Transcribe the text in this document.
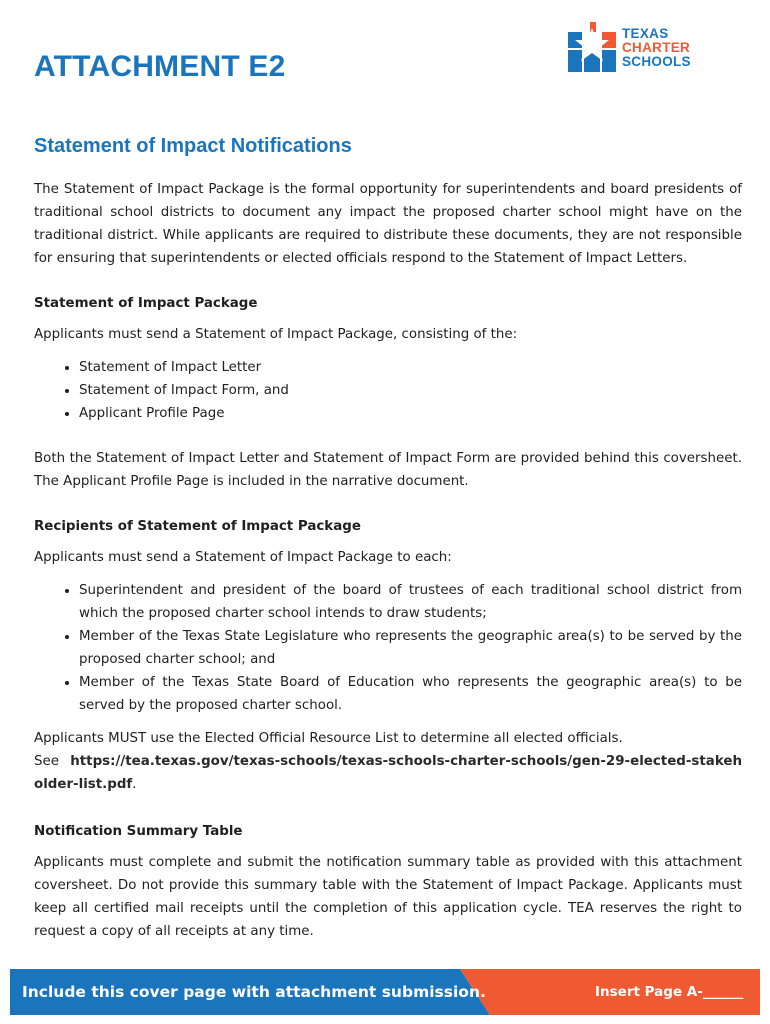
ATTACHMENT E2
TEXAS
CHARTER
SCHOOLS
Statement of Impact Notifications

The Statement of Impact Package is the formal opportunity for superintendents and board presidents of traditional school districts to document any impact the proposed charter school might have on the traditional district. While applicants are required to distribute these documents, they are not responsible for ensuring that superintendents or elected officials respond to the Statement of Impact Letters.

Statement of Impact Package

Applicants must send a Statement of Impact Package, consisting of the:

• Statement of Impact Letter
• Statement of Impact Form, and
• Applicant Profile Page

Both the Statement of Impact Letter and Statement of Impact Form are provided behind this coversheet. The Applicant Profile Page is included in the narrative document.

Recipients of Statement of Impact Package

Applicants must send a Statement of Impact Package to each:

• Superintendent and president of the board of trustees of each traditional school district from which the proposed charter school intends to draw students;
• Member of the Texas State Legislature who represents the geographic area(s) to be served by the proposed charter school; and
• Member of the Texas State Board of Education who represents the geographic area(s) to be served by the proposed charter school.

Applicants MUST use the Elected Official Resource List to determine all elected officials.
See https://tea.texas.gov/texas-schools/texas-schools-charter-schools/gen-29-elected-stakeholder-list.pdf.

Notification Summary Table

Applicants must complete and submit the notification summary table as provided with this attachment coversheet. Do not provide this summary table with the Statement of Impact Package. Applicants must keep all certified mail receipts until the completion of this application cycle. TEA reserves the right to request a copy of all receipts at any time.

Include this cover page with attachment submission.	Insert Page A-______
